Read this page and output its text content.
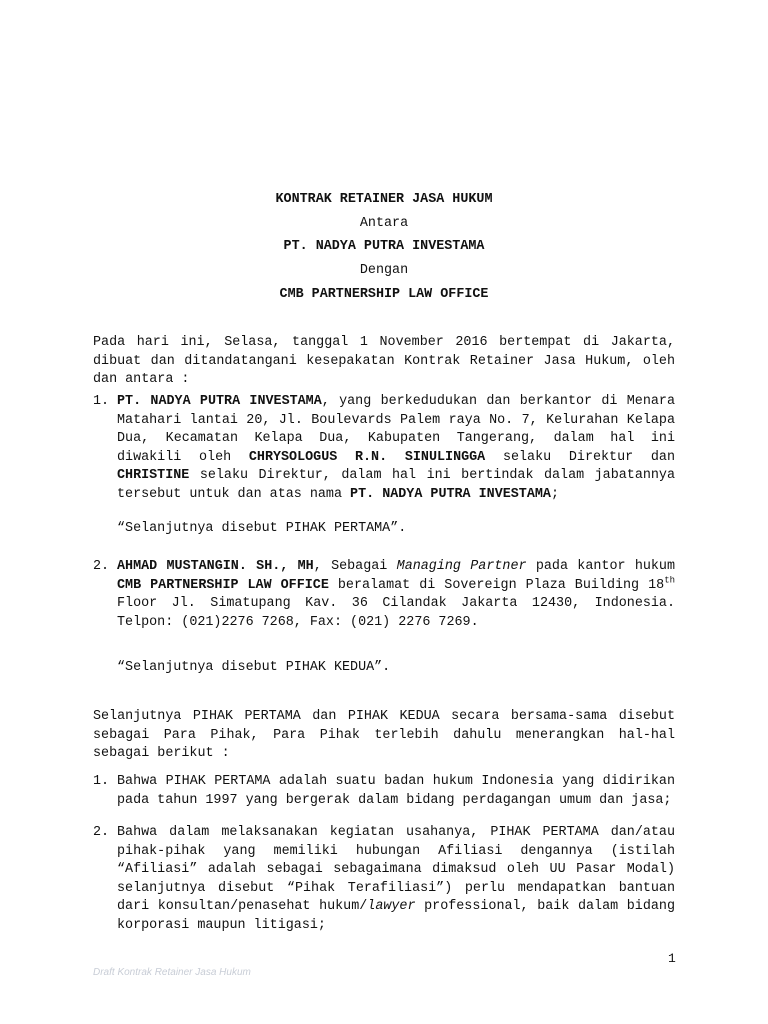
KONTRAK RETAINER JASA HUKUM
Antara
PT. NADYA PUTRA INVESTAMA
Dengan
CMB PARTNERSHIP LAW OFFICE
Pada hari ini, Selasa, tanggal 1 November 2016 bertempat di Jakarta, dibuat dan ditandatangani kesepakatan Kontrak Retainer Jasa Hukum, oleh dan antara :
1. PT. NADYA PUTRA INVESTAMA, yang berkedudukan dan berkantor di Menara Matahari lantai 20, Jl. Boulevards Palem raya No. 7, Kelurahan Kelapa Dua, Kecamatan Kelapa Dua, Kabupaten Tangerang, dalam hal ini diwakili oleh CHRYSOLOGUS R.N. SINULINGGA selaku Direktur dan CHRISTINE selaku Direktur, dalam hal ini bertindak dalam jabatannya tersebut untuk dan atas nama PT. NADYA PUTRA INVESTAMA;
“Selanjutnya disebut PIHAK PERTAMA”.
2. AHMAD MUSTANGIN. SH., MH, Sebagai Managing Partner pada kantor hukum CMB PARTNERSHIP LAW OFFICE beralamat di Sovereign Plaza Building 18th Floor Jl. Simatupang Kav. 36 Cilandak Jakarta 12430, Indonesia. Telpon: (021)2276 7268, Fax: (021) 2276 7269.
“Selanjutnya disebut PIHAK KEDUA”.
Selanjutnya PIHAK PERTAMA dan PIHAK KEDUA secara bersama-sama disebut sebagai Para Pihak, Para Pihak terlebih dahulu menerangkan hal-hal sebagai berikut :
1. Bahwa PIHAK PERTAMA adalah suatu badan hukum Indonesia yang didirikan pada tahun 1997 yang bergerak dalam bidang perdagangan umum dan jasa;
2. Bahwa dalam melaksanakan kegiatan usahanya, PIHAK PERTAMA dan/atau pihak-pihak yang memiliki hubungan Afiliasi dengannya (istilah “Afiliasi” adalah sebagai sebagaimana dimaksud oleh UU Pasar Modal) selanjutnya disebut “Pihak Terafiliasi”) perlu mendapatkan bantuan dari konsultan/penasehat hukum/lawyer professional, baik dalam bidang korporasi maupun litigasi;
1
Draft Kontrak Retainer Jasa Hukum
